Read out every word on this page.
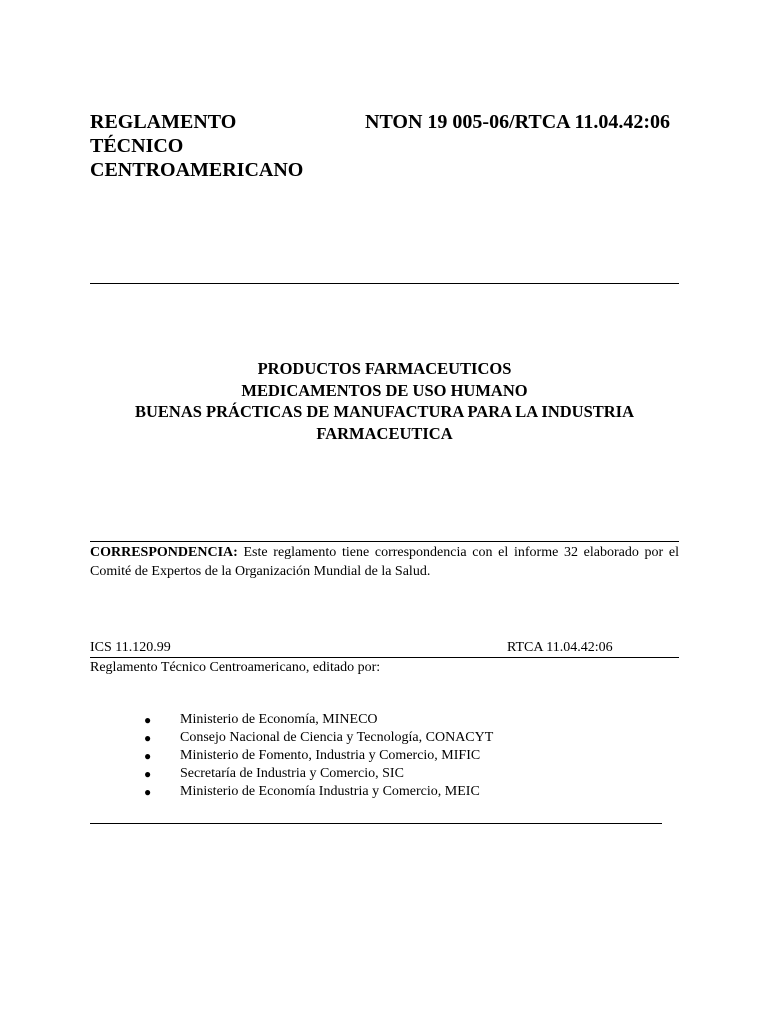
REGLAMENTO
TÉCNICO
CENTROAMERICANO
NTON 19 005-06/RTCA 11.04.42:06
PRODUCTOS FARMACEUTICOS
MEDICAMENTOS DE USO HUMANO
BUENAS PRÁCTICAS DE MANUFACTURA PARA LA INDUSTRIA
FARMACEUTICA
CORRESPONDENCIA: Este reglamento tiene correspondencia con el informe 32 elaborado por el Comité de Expertos de la Organización Mundial de la Salud.
ICS 11.120.99	RTCA 11.04.42:06
Reglamento Técnico Centroamericano, editado por:
● Ministerio de Economía, MINECO
● Consejo Nacional de Ciencia y Tecnología, CONACYT
● Ministerio de Fomento, Industria y Comercio, MIFIC
● Secretaría de Industria y Comercio, SIC
● Ministerio de Economía Industria y Comercio, MEIC
